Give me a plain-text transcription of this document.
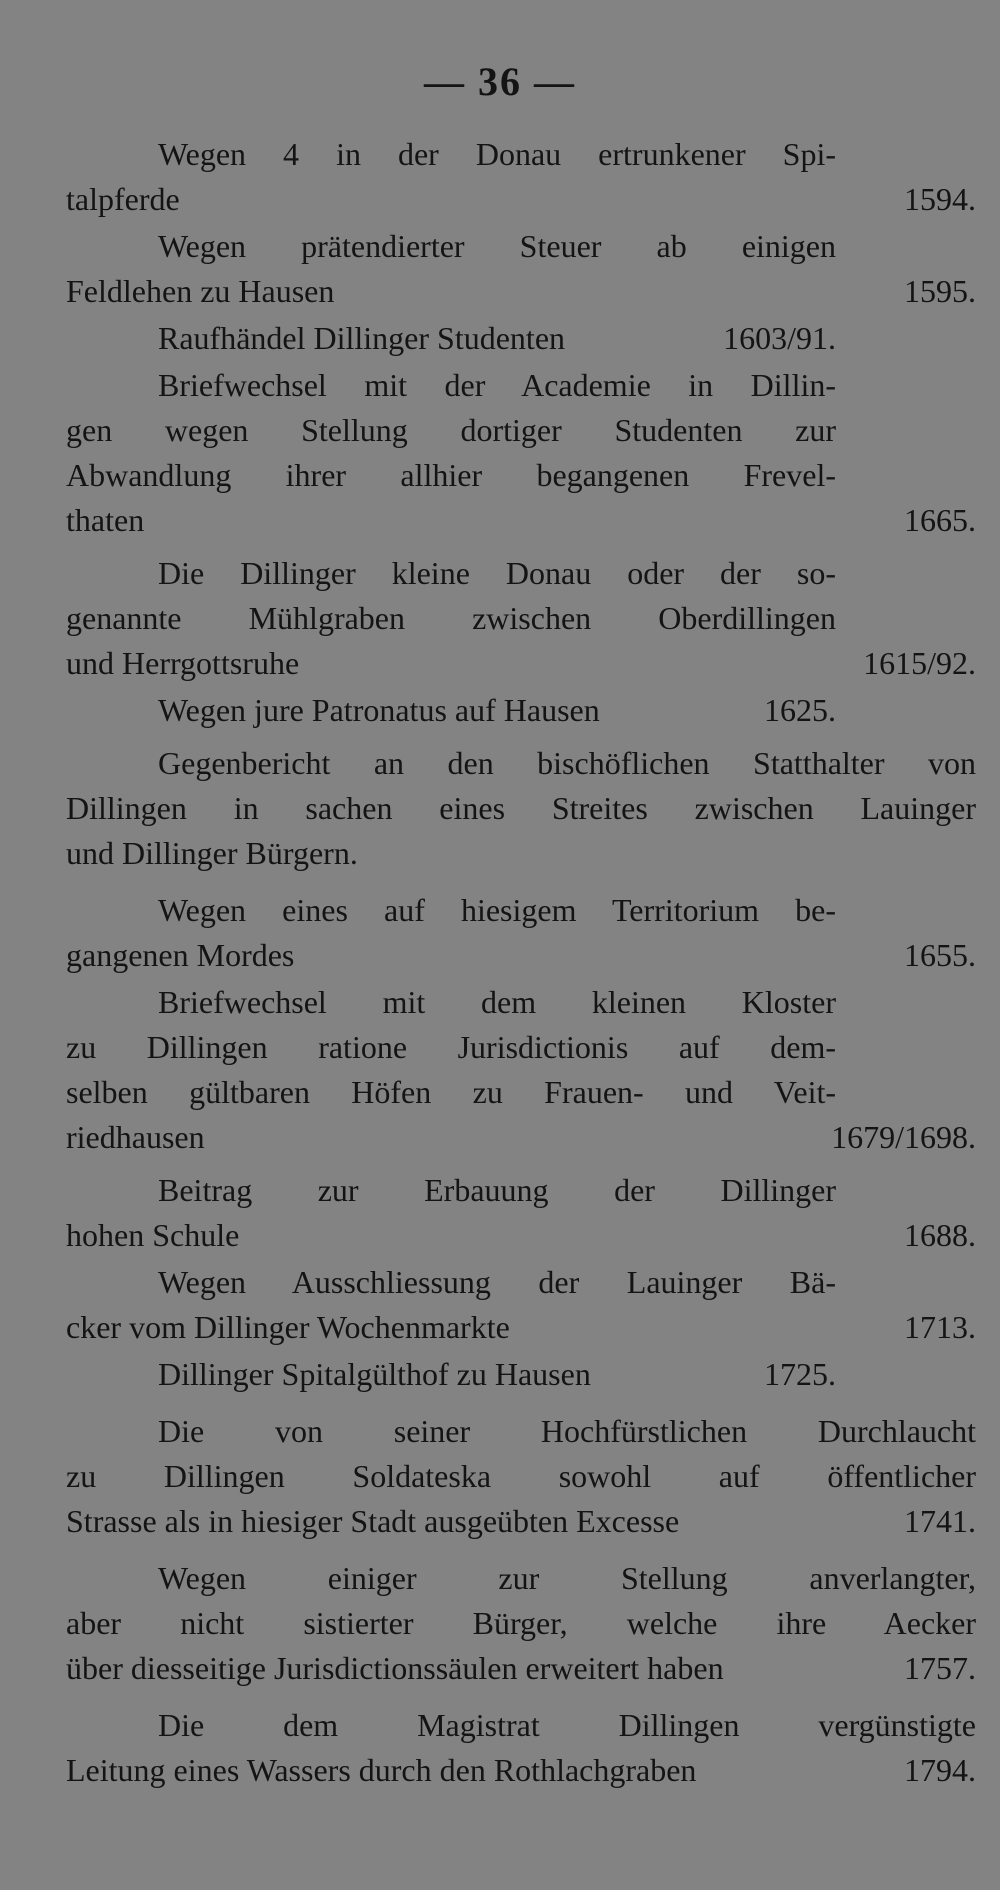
— 36 —
Wegen 4 in der Donau ertrunkener Spi-
talpferde	1594.
Wegen prätendierter Steuer ab einigen
Feldlehen zu Hausen	1595.
Raufhändel Dillinger Studenten	1603/91.
Briefwechsel mit der Academie in Dillin-
gen wegen Stellung dortiger Studenten zur
Abwandlung ihrer allhier begangenen Frevel-
thaten	1665.
Die Dillinger kleine Donau oder der so-
genannte Mühlgraben zwischen Oberdillingen
und Herrgottsruhe	1615/92.
Wegen jure Patronatus auf Hausen	1625.
Gegenbericht an den bischöflichen Statthalter von
Dillingen in sachen eines Streites zwischen Lauinger
und Dillinger Bürgern.
Wegen eines auf hiesigem Territorium be-
gangenen Mordes	1655.
Briefwechsel mit dem kleinen Kloster
zu Dillingen ratione Jurisdictionis auf dem-
selben gültbaren Höfen zu Frauen- und Veit-
riedhausen	1679/1698.
Beitrag zur Erbauung der Dillinger
hohen Schule	1688.
Wegen Ausschliessung der Lauinger Bä-
cker vom Dillinger Wochenmarkte	1713.
Dillinger Spitalgülthof zu Hausen	1725.
Die von seiner Hochfürstlichen Durchlaucht
zu Dillingen Soldateska sowohl auf öffentlicher
Strasse als in hiesiger Stadt ausgeübten Excesse	1741.
Wegen einiger zur Stellung anverlangter,
aber nicht sistierter Bürger, welche ihre Aecker
über diesseitige Jurisdictionssäulen erweitert haben	1757.
Die dem Magistrat Dillingen vergünstigte
Leitung eines Wassers durch den Rothlachgraben	1794.
